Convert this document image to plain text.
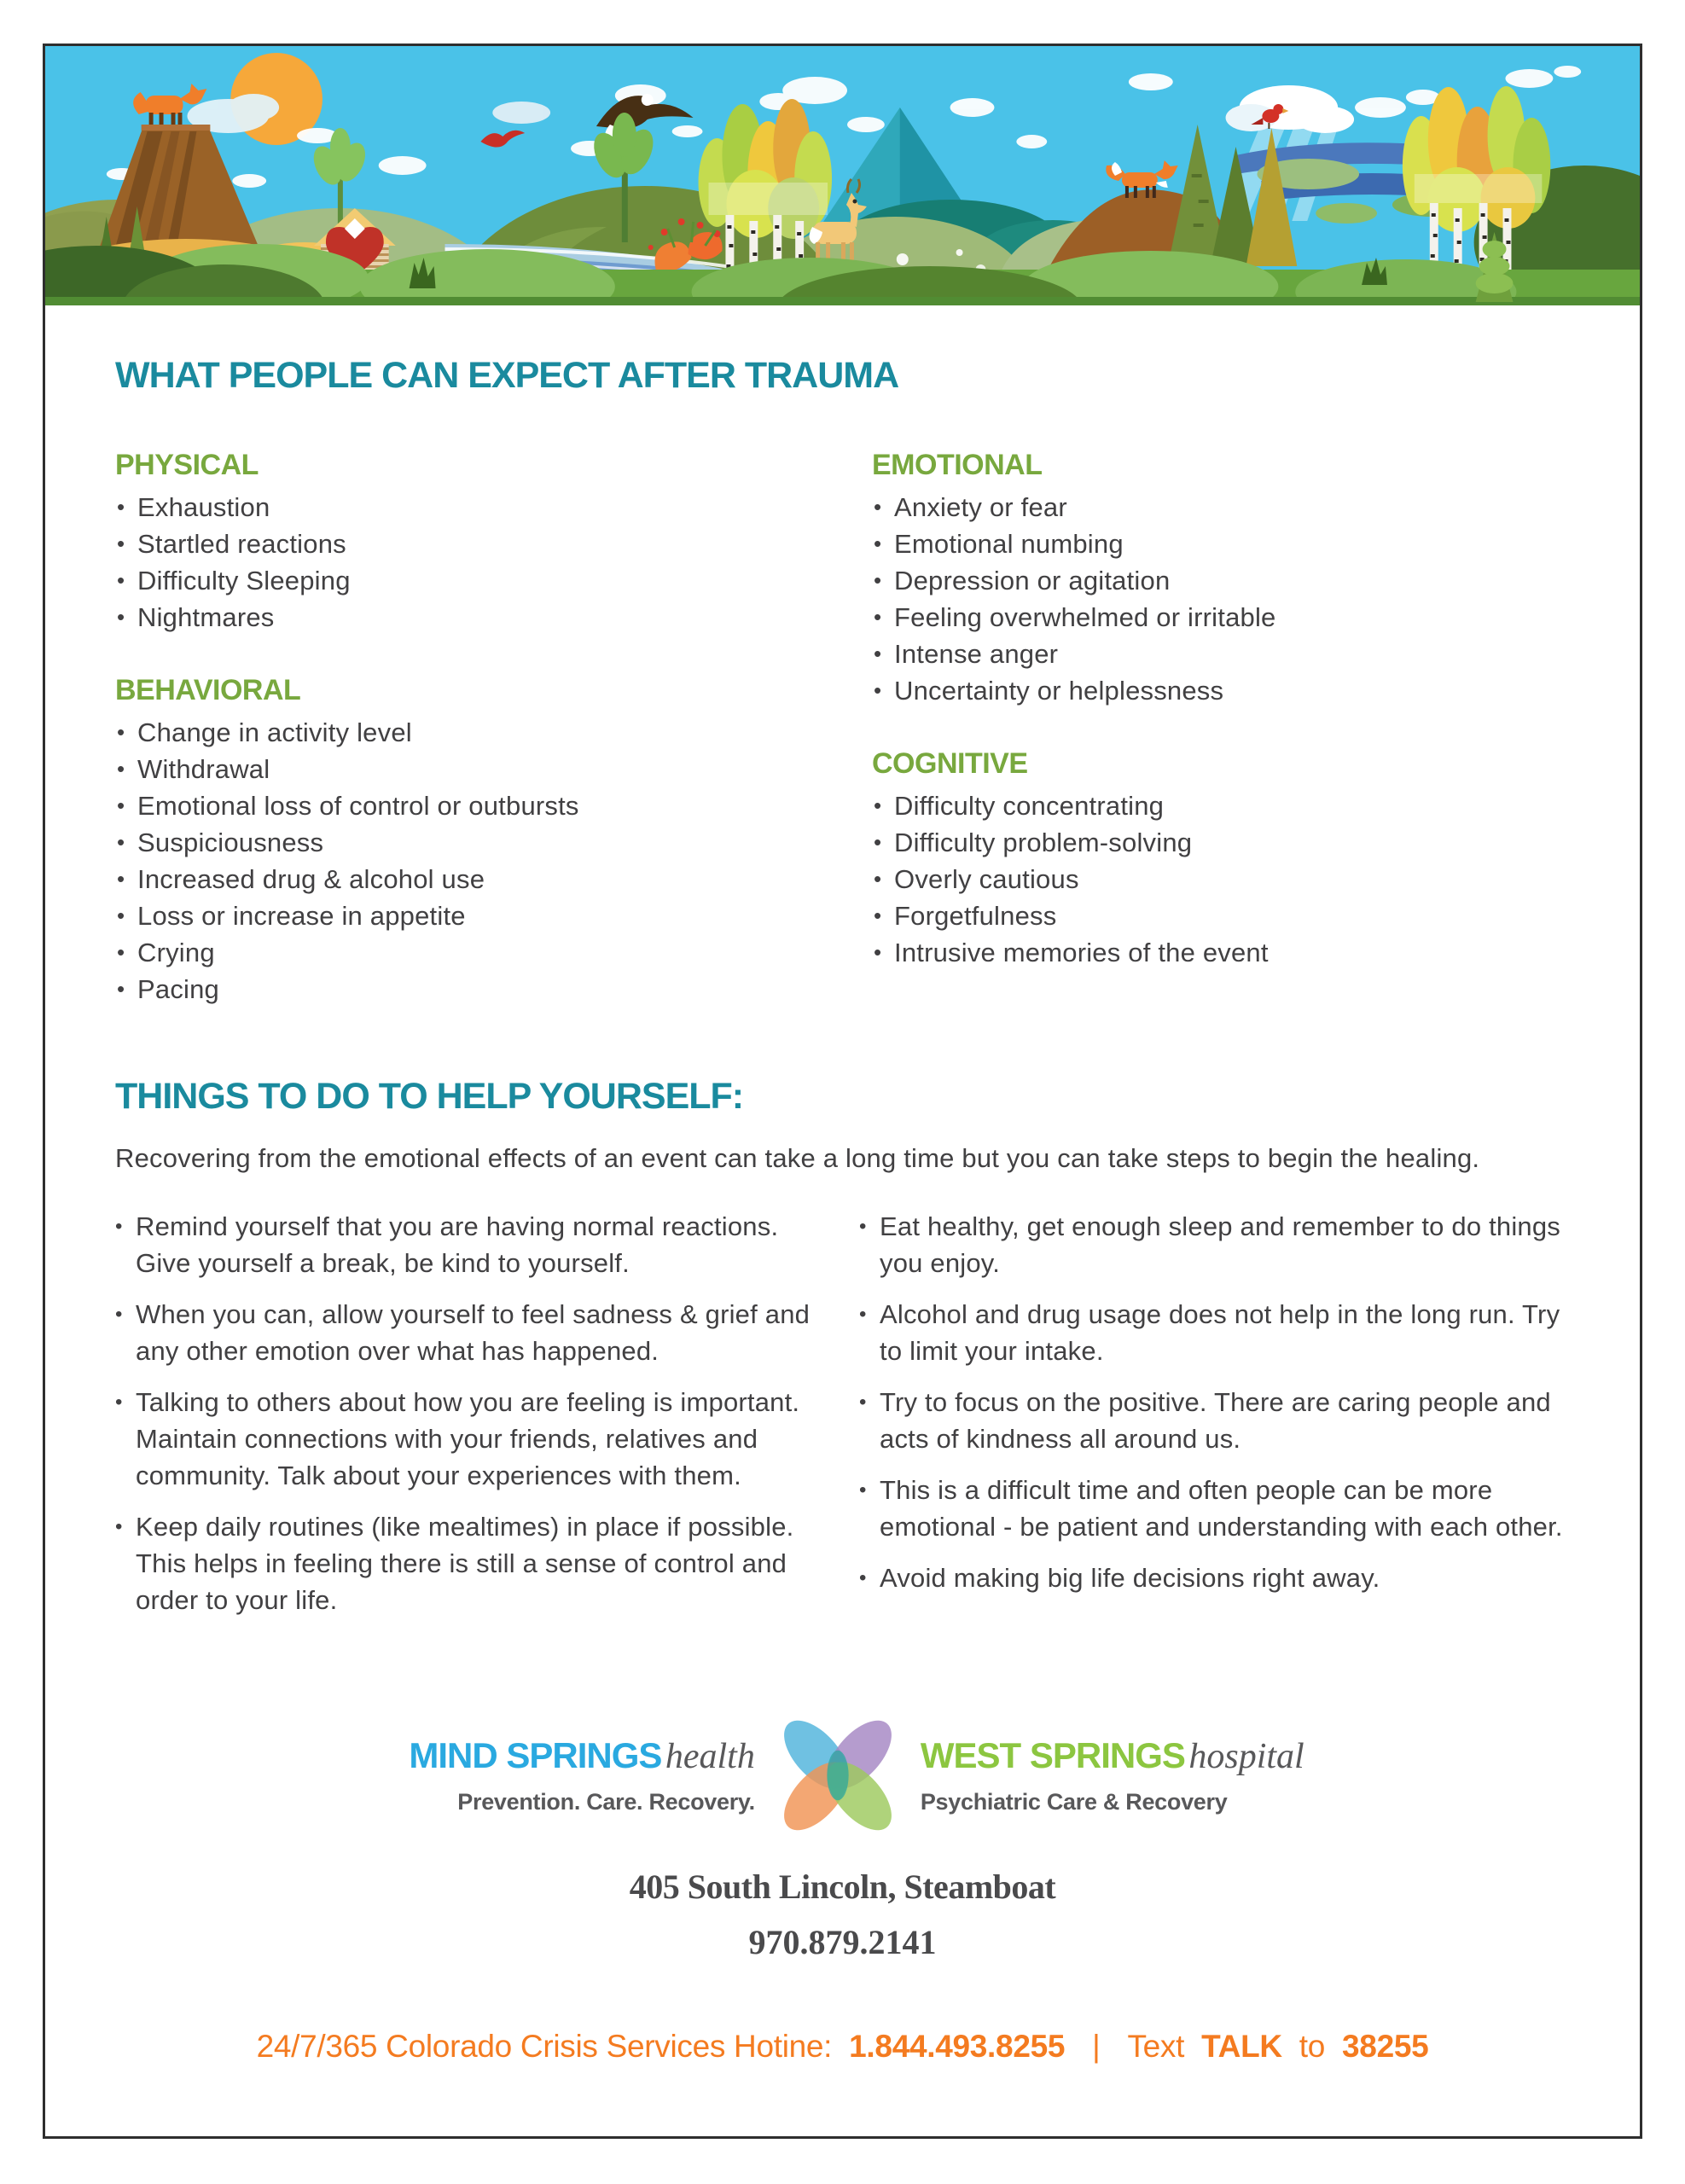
WHAT PEOPLE CAN EXPECT AFTER TRAUMA
PHYSICAL
• Exhaustion
• Startled reactions
• Difficulty Sleeping
• Nightmares
BEHAVIORAL
• Change in activity level
• Withdrawal
• Emotional loss of control or outbursts
• Suspiciousness
• Increased drug & alcohol use
• Loss or increase in appetite
• Crying
• Pacing
EMOTIONAL
• Anxiety or fear
• Emotional numbing
• Depression or agitation
• Feeling overwhelmed or irritable
• Intense anger
• Uncertainty or helplessness
COGNITIVE
• Difficulty concentrating
• Difficulty problem-solving
• Overly cautious
• Forgetfulness
• Intrusive memories of the event
THINGS TO DO TO HELP YOURSELF:

Recovering from the emotional effects of an event can take a long time but you can take steps to begin the healing.

• Remind yourself that you are having normal reactions. Give yourself a break, be kind to yourself.
• When you can, allow yourself to feel sadness & grief and any other emotion over what has happened.
• Talking to others about how you are feeling is important. Maintain connections with your friends, relatives and community. Talk about your experiences with them.
• Keep daily routines (like mealtimes) in place if possible. This helps in feeling there is still a sense of control and order to your life.
• Eat healthy, get enough sleep and remember to do things you enjoy.
• Alcohol and drug usage does not help in the long run. Try to limit your intake.
• Try to focus on the positive. There are caring people and acts of kindness all around us.
• This is a difficult time and often people can be more emotional - be patient and understanding with each other.
• Avoid making big life decisions right away.
MIND SPRINGS health
Prevention. Care. Recovery.
WEST SPRINGS hospital
Psychiatric Care & Recovery
405 South Lincoln, Steamboat
970.879.2141
24/7/365 Colorado Crisis Services Hotine: 1.844.493.8255 | Text TALK to 38255
